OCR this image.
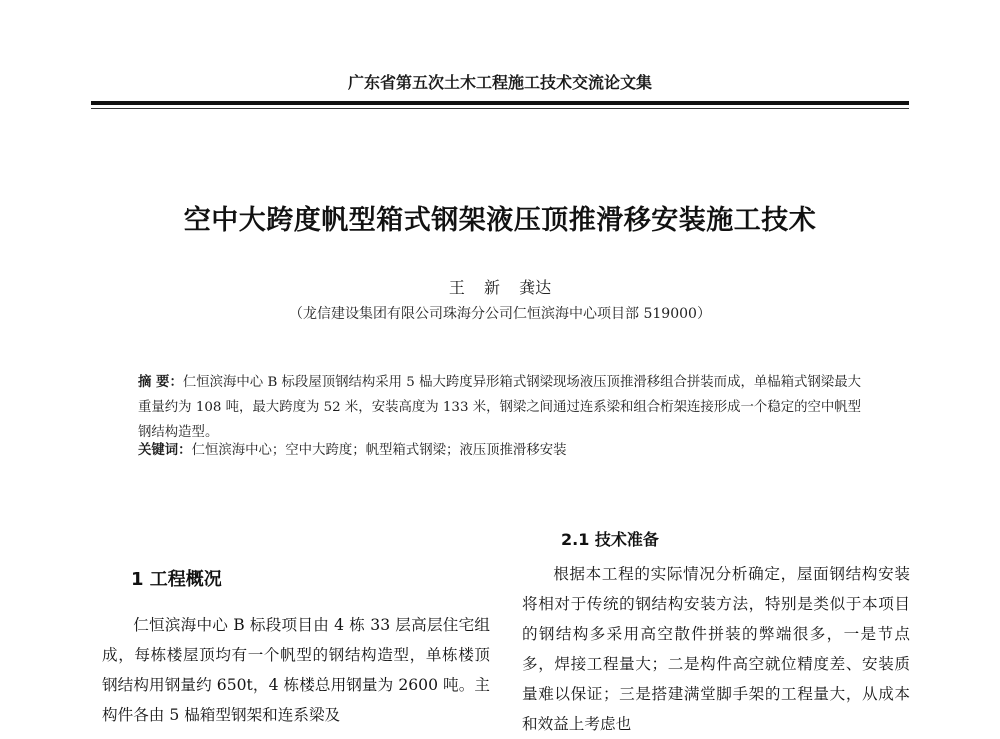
广东省第五次土木工程施工技术交流论文集
空中大跨度帆型箱式钢架液压顶推滑移安装施工技术
王 新 龚达
（龙信建设集团有限公司珠海分公司仁恒滨海中心项目部 519000）
摘 要：仁恒滨海中心 B 标段屋顶钢结构采用 5 榀大跨度异形箱式钢梁现场液压顶推滑移组合拼装而成，单榀箱式钢梁最大重量约为 108 吨，最大跨度为 52 米，安装高度为 133 米，钢梁之间通过连系梁和组合桁架连接形成一个稳定的空中帆型钢结构造型。
关键词：仁恒滨海中心；空中大跨度；帆型箱式钢梁；液压顶推滑移安装
1 工程概况

仁恒滨海中心 B 标段项目由 4 栋 33 层高层住宅组成，每栋楼屋顶均有一个帆型的钢结构造型，单栋楼顶钢结构用钢量约 650t，4 栋楼总用钢量为 2600 吨。主构件各由 5 榀箱型钢架和连系梁及

2.1 技术准备

根据本工程的实际情况分析确定，屋面钢结构安装将相对于传统的钢结构安装方法，特别是类似于本项目的钢结构多采用高空散件拼装的弊端很多，一是节点多，焊接工程量大；二是构件高空就位精度差、安装质量难以保证；三是搭建满堂脚手架的工程量大，从成本和效益上考虑也
